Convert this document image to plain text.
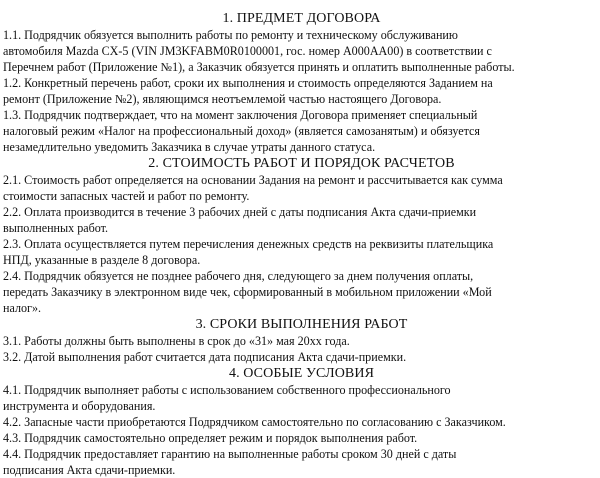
1. ПРЕДМЕТ ДОГОВОРА

1.1. Подрядчик обязуется выполнить работы по ремонту и техническому обслуживанию
автомобиля Mazda CX-5 (VIN JM3KFABM0R0100001, гос. номер А000АА00) в соответствии с
Перечнем работ (Приложение №1), а Заказчик обязуется принять и оплатить выполненные работы.

1.2. Конкретный перечень работ, сроки их выполнения и стоимость определяются Заданием на
ремонт (Приложение №2), являющимся неотъемлемой частью настоящего Договора.

1.3. Подрядчик подтверждает, что на момент заключения Договора применяет специальный
налоговый режим «Налог на профессиональный доход» (является самозанятым) и обязуется
незамедлительно уведомить Заказчика в случае утраты данного статуса.

2. СТОИМОСТЬ РАБОТ И ПОРЯДОК РАСЧЕТОВ

2.1. Стоимость работ определяется на основании Задания на ремонт и рассчитывается как сумма
стоимости запасных частей и работ по ремонту.

2.2. Оплата производится в течение 3 рабочих дней с даты подписания Акта сдачи-приемки
выполненных работ.

2.3. Оплата осуществляется путем перечисления денежных средств на реквизиты плательщика
НПД, указанные в разделе 8 договора.

2.4. Подрядчик обязуется не позднее рабочего дня, следующего за днем получения оплаты,
передать Заказчику в электронном виде чек, сформированный в мобильном приложении «Мой
налог».

3. СРОКИ ВЫПОЛНЕНИЯ РАБОТ

3.1. Работы должны быть выполнены в срок до «31» мая 20хх года.

3.2. Датой выполнения работ считается дата подписания Акта сдачи-приемки.

4. ОСОБЫЕ УСЛОВИЯ

4.1. Подрядчик выполняет работы с использованием собственного профессионального
инструмента и оборудования.

4.2. Запасные части приобретаются Подрядчиком самостоятельно по согласованию с Заказчиком.

4.3. Подрядчик самостоятельно определяет режим и порядок выполнения работ.

4.4. Подрядчик предоставляет гарантию на выполненные работы сроком 30 дней с даты
подписания Акта сдачи-приемки.
